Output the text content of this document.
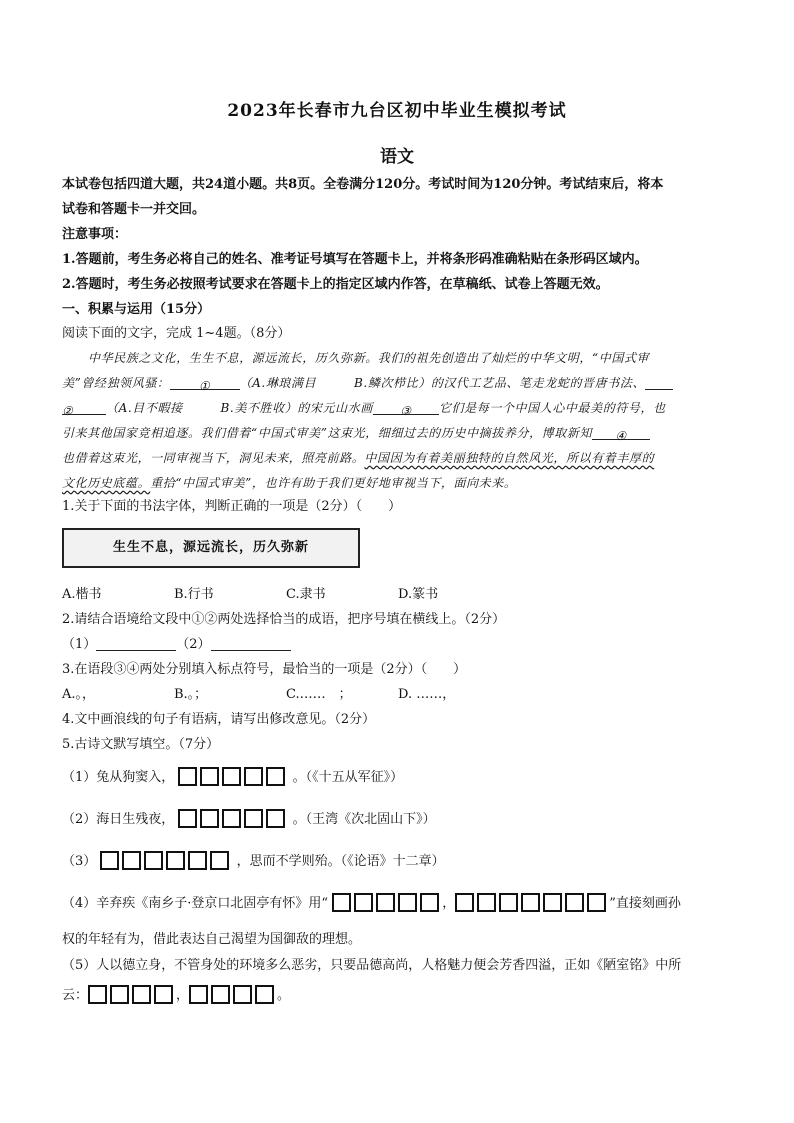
2023年长春市九台区初中毕业生模拟考试
语文

本试卷包括四道大题，共24道小题。共8页。全卷满分120分。考试时间为120分钟。考试结束后，将本

试卷和答题卡一并交回。

注意事项：

1.答题前，考生务必将自己的姓名、准考证号填写在答题卡上，并将条形码准确粘贴在条形码区域内。

2.答题时，考生务必按照考试要求在答题卡上的指定区域内作答，在草稿纸、试卷上答题无效。

一、积累与运用（15分）

阅读下面的文字，完成 1~4题。（8分）

中华民族之文化，生生不息，源远流长，历久弥新。我们的祖先创造出了灿烂的中华文明，“中国式审

美”曾经独领风骚： ① （A.琳琅满目　　　B.鳞次栉比）的汉代工艺品、笔走龙蛇的晋唐书法、

②	（A.目不暇接　　　B.美不胜收）的宋元山水画 ③ 它们是每一个中国人心中最美的符号，也

引来其他国家竞相追逐。我们借着“中国式审美”这束光，细细过去的历史中摘拔养分，博取新知 ④

也借着这束光，一同审视当下，洞见未来，照亮前路。中国因为有着美丽独特的自然风光，所以有着丰厚的

文化历史底蕴。重拾“中国式审美”，也许有助于我们更好地审视当下，面向未来。

1.关于下面的书法字体，判断正确的一项是（2分）（　　）
生生不息，源远流长，历久弥新
A.楷书	B.行书	C.隶书	D.篆书
2.请结合语境给文段中①②两处选择恰当的成语，把序号填在横线上。（2分）
（1）	（2）
3.在语段③④两处分别填入标点符号，最恰当的一项是（2分）（　　）
A.。，	B.。；	C.……　；	D. ……，
4.文中画浪线的句子有语病，请写出修改意见。（2分）
5.古诗文默写填空。（7分）
（1）兔从狗窦入，	。（《十五从军征》）
（2）海日生残夜，	。（王湾《次北固山下》）
（3）	，思而不学则殆。（《论语》十二章）
（4）辛弃疾《南乡子·登京口北固亭有怀》用“	，	”直接刻画孙
权的年轻有为，借此表达自己渴望为国御敌的理想。
（5）人以德立身，不管身处的环境多么恶劣，只要品德高尚，人格魅力便会芳香四溢，正如《陋室铭》中所
云：	，	。
